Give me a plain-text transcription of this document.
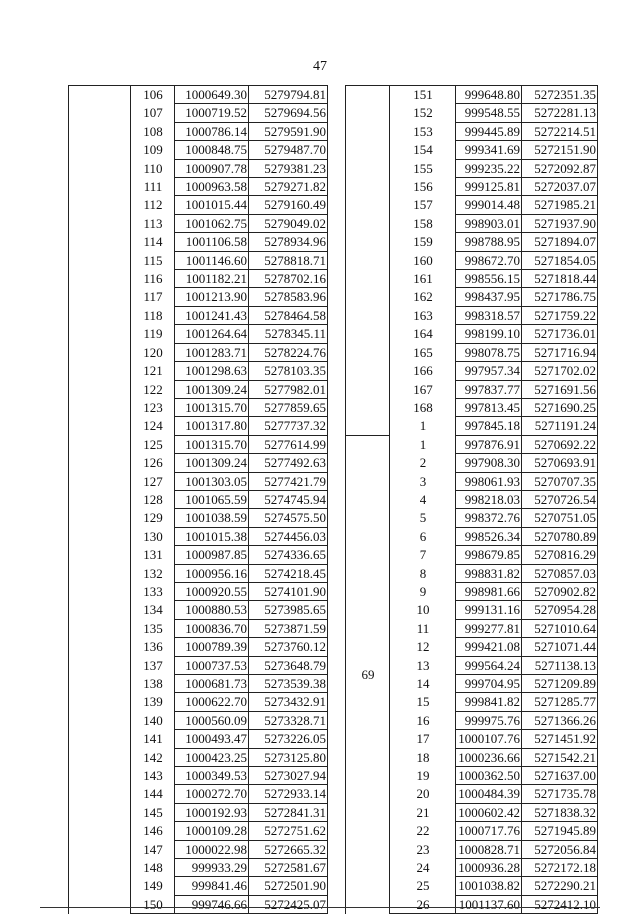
47
	106	1000649.30	5279794.81
	107	1000719.52	5279694.56
	108	1000786.14	5279591.90
	109	1000848.75	5279487.70
	110	1000907.78	5279381.23
	111	1000963.58	5279271.82
	112	1001015.44	5279160.49
	113	1001062.75	5279049.02
	114	1001106.58	5278934.96
	115	1001146.60	5278818.71
	116	1001182.21	5278702.16
	117	1001213.90	5278583.96
	118	1001241.43	5278464.58
	119	1001264.64	5278345.11
	120	1001283.71	5278224.76
	121	1001298.63	5278103.35
	122	1001309.24	5277982.01
	123	1001315.70	5277859.65
	124	1001317.80	5277737.32
	125	1001315.70	5277614.99
	126	1001309.24	5277492.63
	127	1001303.05	5277421.79
	128	1001065.59	5274745.94
	129	1001038.59	5274575.50
	130	1001015.38	5274456.03
	131	1000987.85	5274336.65
	132	1000956.16	5274218.45
	133	1000920.55	5274101.90
	134	1000880.53	5273985.65
	135	1000836.70	5273871.59
	136	1000789.39	5273760.12
	137	1000737.53	5273648.79
	138	1000681.73	5273539.38
	139	1000622.70	5273432.91
	140	1000560.09	5273328.71
	141	1000493.47	5273226.05
	142	1000423.25	5273125.80
	143	1000349.53	5273027.94
	144	1000272.70	5272933.14
	145	1000192.93	5272841.31
	146	1000109.28	5272751.62
	147	1000022.98	5272665.32
	148	999933.29	5272581.67
	149	999841.46	5272501.90
	150	999746.66	5272425.07
	151	999648.80	5272351.35
	152	999548.55	5272281.13
	153	999445.89	5272214.51
	154	999341.69	5272151.90
	155	999235.22	5272092.87
	156	999125.81	5272037.07
	157	999014.48	5271985.21
	158	998903.01	5271937.90
	159	998788.95	5271894.07
	160	998672.70	5271854.05
	161	998556.15	5271818.44
	162	998437.95	5271786.75
	163	998318.57	5271759.22
	164	998199.10	5271736.01
	165	998078.75	5271716.94
	166	997957.34	5271702.02
	167	997837.77	5271691.56
	168	997813.45	5271690.25
	1	997845.18	5271191.24
69	1	997876.91	5270692.22
	2	997908.30	5270693.91
	3	998061.93	5270707.35
	4	998218.03	5270726.54
	5	998372.76	5270751.05
	6	998526.34	5270780.89
	7	998679.85	5270816.29
	8	998831.82	5270857.03
	9	998981.66	5270902.82
	10	999131.16	5270954.28
	11	999277.81	5271010.64
	12	999421.08	5271071.44
	13	999564.24	5271138.13
	14	999704.95	5271209.89
	15	999841.82	5271285.77
	16	999975.76	5271366.26
	17	1000107.76	5271451.92
	18	1000236.66	5271542.21
	19	1000362.50	5271637.00
	20	1000484.39	5271735.78
	21	1000602.42	5271838.32
	22	1000717.76	5271945.89
	23	1000828.71	5272056.84
	24	1000936.28	5272172.18
	25	1001038.82	5272290.21
	26	1001137.60	5272412.10
